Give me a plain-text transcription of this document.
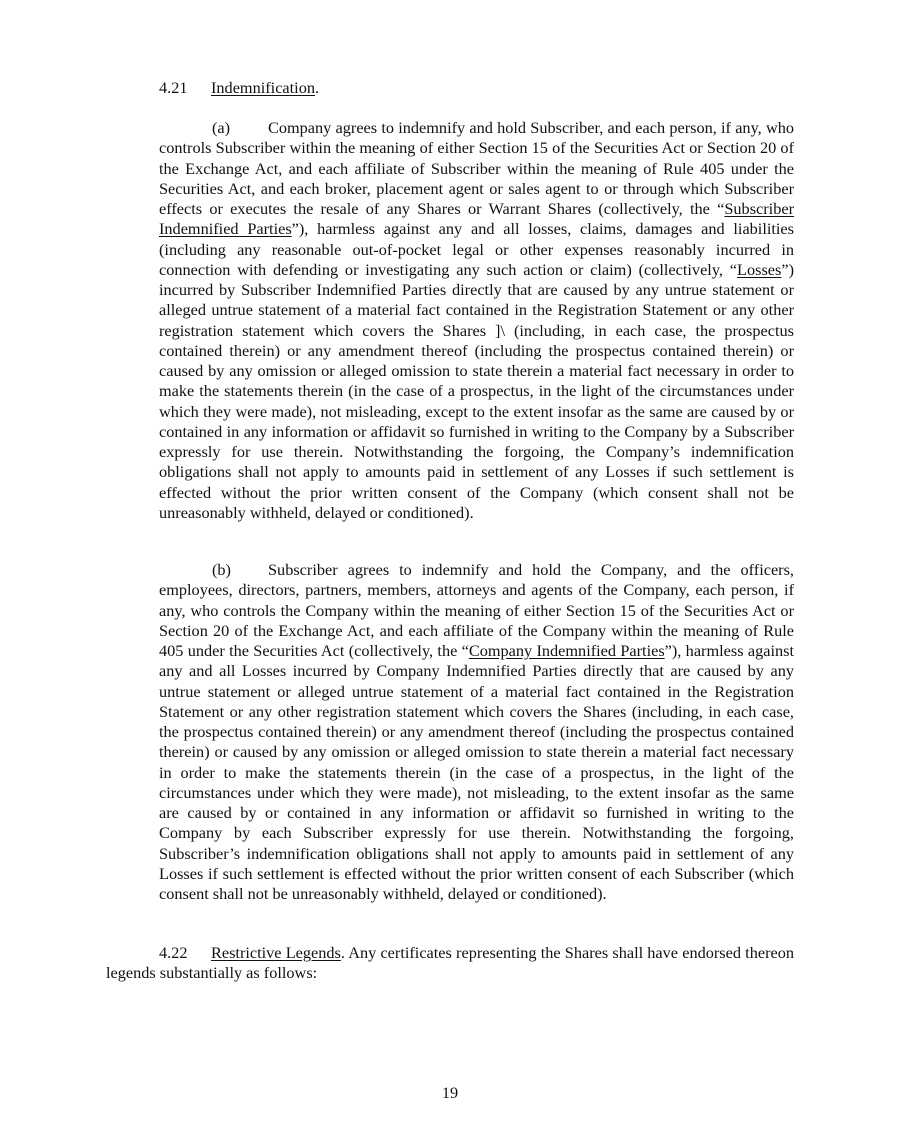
4.21 Indemnification.
(a) Company agrees to indemnify and hold Subscriber, and each person, if any, who controls Subscriber within the meaning of either Section 15 of the Securities Act or Section 20 of the Exchange Act, and each affiliate of Subscriber within the meaning of Rule 405 under the Securities Act, and each broker, placement agent or sales agent to or through which Subscriber effects or executes the resale of any Shares or Warrant Shares (collectively, the “Subscriber Indemnified Parties”), harmless against any and all losses, claims, damages and liabilities (including any reasonable out-of-pocket legal or other expenses reasonably incurred in connection with defending or investigating any such action or claim) (collectively, “Losses”) incurred by Subscriber Indemnified Parties directly that are caused by any untrue statement or alleged untrue statement of a material fact contained in the Registration Statement or any other registration statement which covers the Shares ]\ (including, in each case, the prospectus contained therein) or any amendment thereof (including the prospectus contained therein) or caused by any omission or alleged omission to state therein a material fact necessary in order to make the statements therein (in the case of a prospectus, in the light of the circumstances under which they were made), not misleading, except to the extent insofar as the same are caused by or contained in any information or affidavit so furnished in writing to the Company by a Subscriber expressly for use therein. Notwithstanding the forgoing, the Company’s indemnification obligations shall not apply to amounts paid in settlement of any Losses if such settlement is effected without the prior written consent of the Company (which consent shall not be unreasonably withheld, delayed or conditioned).
(b) Subscriber agrees to indemnify and hold the Company, and the officers, employees, directors, partners, members, attorneys and agents of the Company, each person, if any, who controls the Company within the meaning of either Section 15 of the Securities Act or Section 20 of the Exchange Act, and each affiliate of the Company within the meaning of Rule 405 under the Securities Act (collectively, the “Company Indemnified Parties”), harmless against any and all Losses incurred by Company Indemnified Parties directly that are caused by any untrue statement or alleged untrue statement of a material fact contained in the Registration Statement or any other registration statement which covers the Shares (including, in each case, the prospectus contained therein) or any amendment thereof (including the prospectus contained therein) or caused by any omission or alleged omission to state therein a material fact necessary in order to make the statements therein (in the case of a prospectus, in the light of the circumstances under which they were made), not misleading, to the extent insofar as the same are caused by or contained in any information or affidavit so furnished in writing to the Company by each Subscriber expressly for use therein. Notwithstanding the forgoing, Subscriber’s indemnification obligations shall not apply to amounts paid in settlement of any Losses if such settlement is effected without the prior written consent of each Subscriber (which consent shall not be unreasonably withheld, delayed or conditioned).
4.22 Restrictive Legends. Any certificates representing the Shares shall have endorsed thereon legends substantially as follows:
19
